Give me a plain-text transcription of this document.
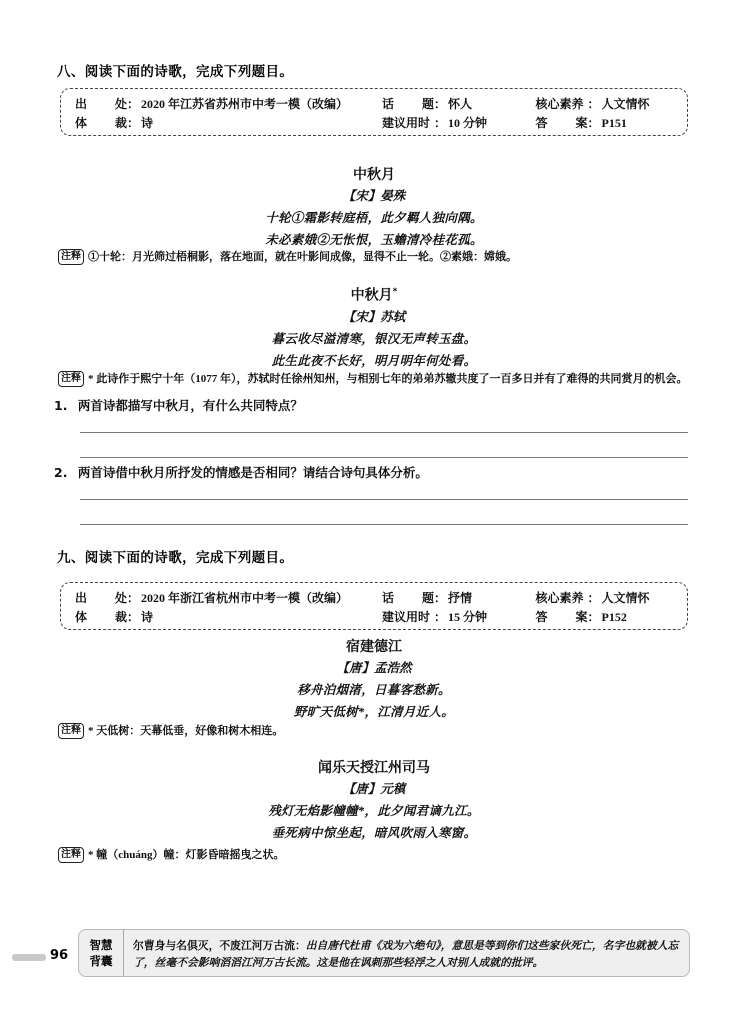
八、阅读下面的诗歌，完成下列题目。
出　　处 ： 2020 年江苏省苏州市中考一模（改编）	话　　题 ： 怀人	核心素养 ： 人文情怀
体　　裁 ： 诗	建议用时 ： 10 分钟	答　　案 ： P151
中秋月
【宋】晏殊
十轮①霜影转庭梧，此夕羁人独向隅。
未必素娥②无怅恨，玉蟾清冷桂花孤。
注释 ①十轮：月光筛过梧桐影，落在地面，就在叶影间成像，显得不止一轮。②素娥：嫦娥。
中秋月*
【宋】苏轼
暮云收尽溢清寒，银汉无声转玉盘。
此生此夜不长好，明月明年何处看。
注释 * 此诗作于熙宁十年（1077 年），苏轼时任徐州知州，与相别七年的弟弟苏辙共度了一百多日并有了难得的共同赏月的机会。
1. 两首诗都描写中秋月，有什么共同特点？
2. 两首诗借中秋月所抒发的情感是否相同？请结合诗句具体分析。
九、阅读下面的诗歌，完成下列题目。
出　　处 ： 2020 年浙江省杭州市中考一模（改编）	话　　题 ： 抒情	核心素养 ： 人文情怀
体　　裁 ： 诗	建议用时 ： 15 分钟	答　　案 ： P152
宿建德江
【唐】孟浩然
移舟泊烟渚，日暮客愁新。
野旷天低树*，江清月近人。
注释 * 天低树：天幕低垂，好像和树木相连。
闻乐天授江州司马
【唐】元稹
残灯无焰影幢幢*，此夕闻君谪九江。
垂死病中惊坐起，暗风吹雨入寒窗。
注释 * 幢（chuáng）幢：灯影昏暗摇曳之状。
智慧
背囊
尔曹身与名俱灭，不废江河万古流：出自唐代杜甫《戏为六绝句》，意思是等到你们这些家伙死亡，名字也就被人忘了，丝毫不会影响滔滔江河万古长流。这是他在讽刺那些轻浮之人对别人成就的批评。
96
